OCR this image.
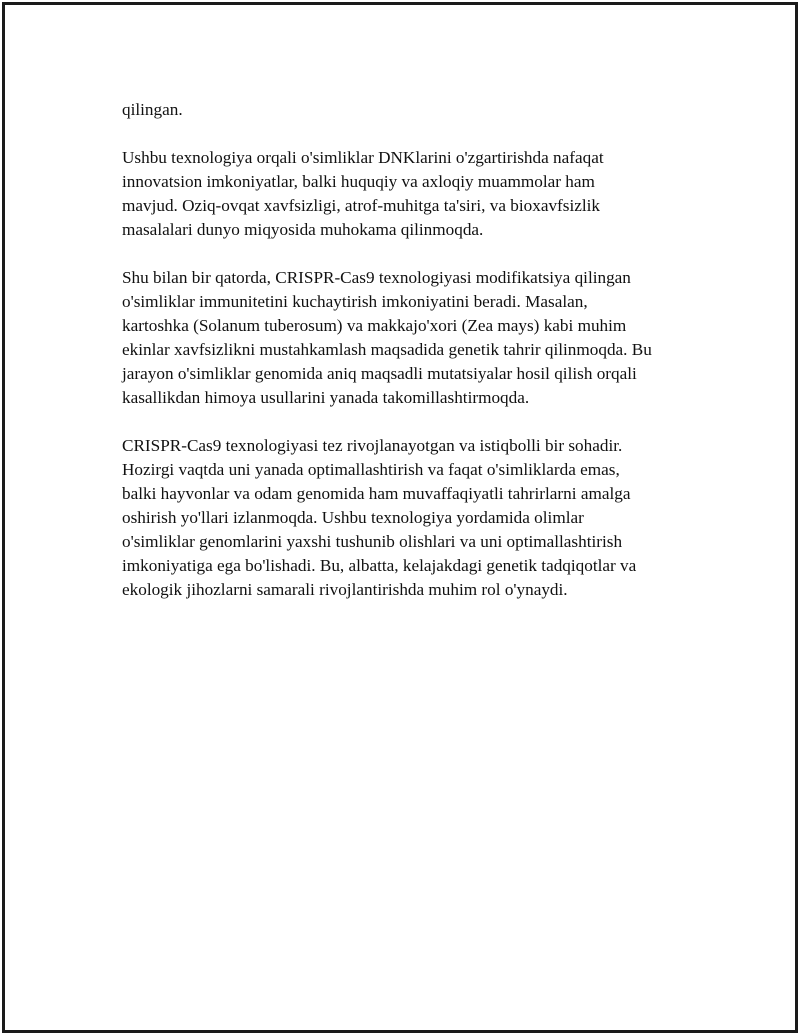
qilingan.

Ushbu texnologiya orqali o'simliklar DNKlarini o'zgartirishda nafaqat
innovatsion imkoniyatlar, balki huquqiy va axloqiy muammolar ham
mavjud. Oziq-ovqat xavfsizligi, atrof-muhitga ta'siri, va bioxavfsizlik
masalalari dunyo miqyosida muhokama qilinmoqda.

Shu bilan bir qatorda, CRISPR-Cas9 texnologiyasi modifikatsiya qilingan
o'simliklar immunitetini kuchaytirish imkoniyatini beradi. Masalan,
kartoshka (Solanum tuberosum) va makkajo'xori (Zea mays) kabi muhim
ekinlar xavfsizlikni mustahkamlash maqsadida genetik tahrir qilinmoqda. Bu
jarayon o'simliklar genomida aniq maqsadli mutatsiyalar hosil qilish orqali
kasallikdan himoya usullarini yanada takomillashtirmoqda.

CRISPR-Cas9 texnologiyasi tez rivojlanayotgan va istiqbolli bir sohadir.
Hozirgi vaqtda uni yanada optimallashtirish va faqat o'simliklarda emas,
balki hayvonlar va odam genomida ham muvaffaqiyatli tahrirlarni amalga
oshirish yo'llari izlanmoqda. Ushbu texnologiya yordamida olimlar
o'simliklar genomlarini yaxshi tushunib olishlari va uni optimallashtirish
imkoniyatiga ega bo'lishadi. Bu, albatta, kelajakdagi genetik tadqiqotlar va
ekologik jihozlarni samarali rivojlantirishda muhim rol o'ynaydi.
